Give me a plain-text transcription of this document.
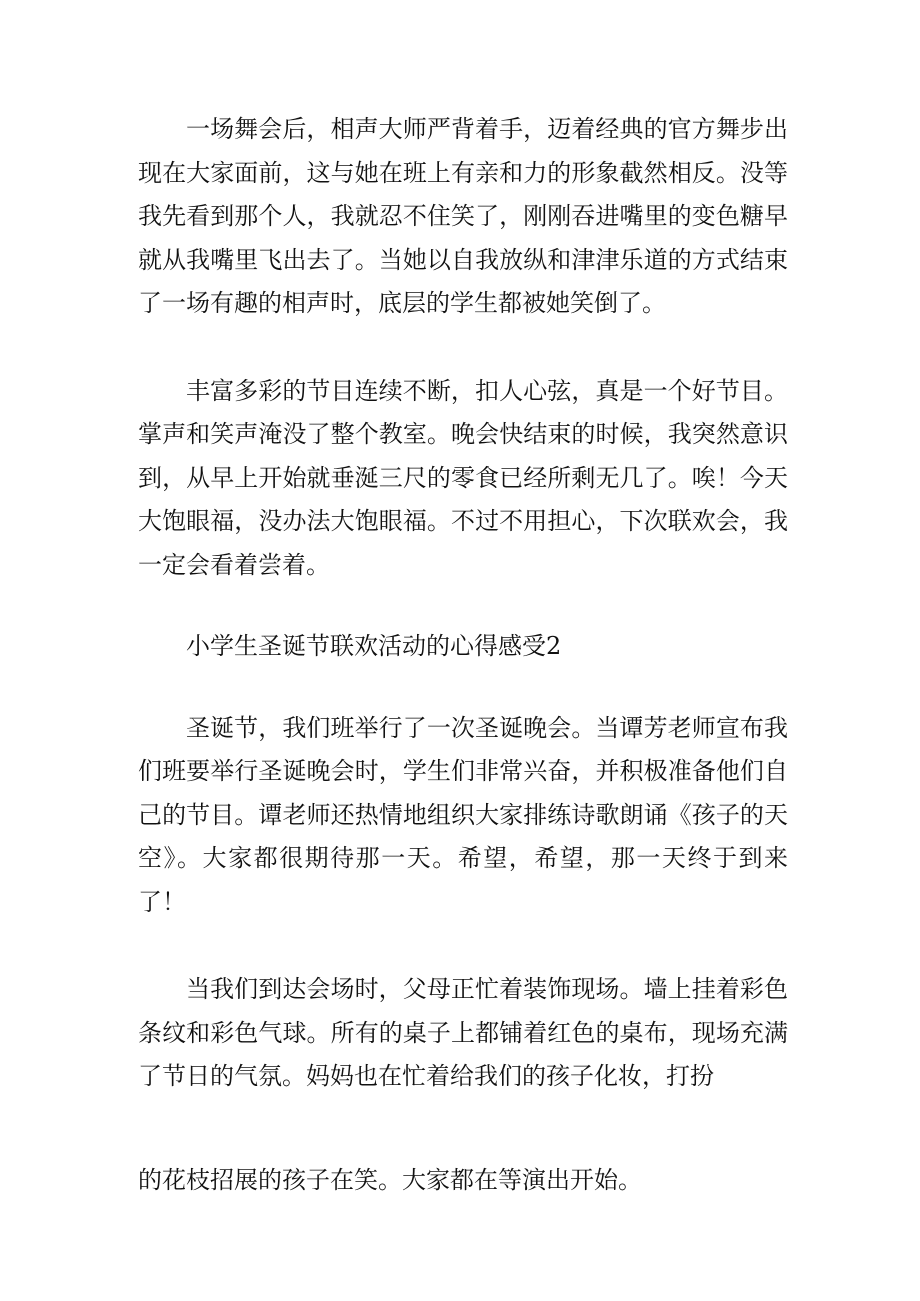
一场舞会后，相声大师严背着手，迈着经典的官方舞步出现在大家面前，这与她在班上有亲和力的形象截然相反。没等我先看到那个人，我就忍不住笑了，刚刚吞进嘴里的变色糖早就从我嘴里飞出去了。当她以自我放纵和津津乐道的方式结束了一场有趣的相声时，底层的学生都被她笑倒了。

丰富多彩的节目连续不断，扣人心弦，真是一个好节目。掌声和笑声淹没了整个教室。晚会快结束的时候，我突然意识到，从早上开始就垂涎三尺的零食已经所剩无几了。唉！今天大饱眼福，没办法大饱眼福。不过不用担心，下次联欢会，我一定会看着尝着。

小学生圣诞节联欢活动的心得感受2

圣诞节，我们班举行了一次圣诞晚会。当谭芳老师宣布我们班要举行圣诞晚会时，学生们非常兴奋，并积极准备他们自己的节目。谭老师还热情地组织大家排练诗歌朗诵《孩子的天空》。大家都很期待那一天。希望，希望，那一天终于到来了！

当我们到达会场时，父母正忙着装饰现场。墙上挂着彩色条纹和彩色气球。所有的桌子上都铺着红色的桌布，现场充满了节日的气氛。妈妈也在忙着给我们的孩子化妆，打扮

的花枝招展的孩子在笑。大家都在等演出开始。
